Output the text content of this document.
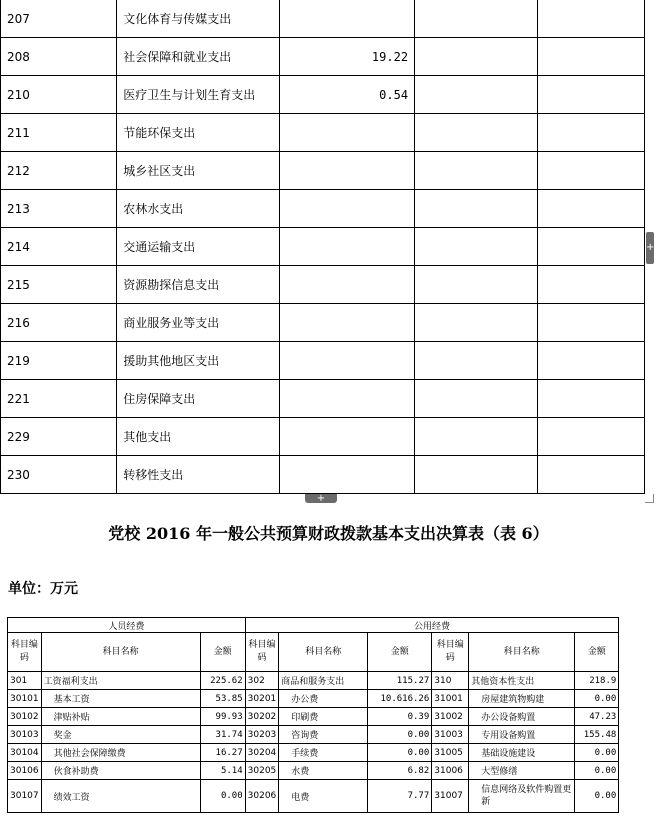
207	文化体育与传媒支出			
208	社会保障和就业支出	19.22		
210	医疗卫生与计划生育支出	0.54		
211	节能环保支出			
212	城乡社区支出			
213	农林水支出			
214	交通运输支出			
215	资源勘探信息支出			
216	商业服务业等支出			
219	援助其他地区支出			
221	住房保障支出			
229	其他支出			
230	转移性支出			
+
+
党校 2016 年一般公共预算财政拨款基本支出决算表（表 6）
单位：万元
人员经费			公用经费					
科目编码	科目名称	金额	科目编码	科目名称	金额	科目编码	科目名称	金额
301	工资福利支出	225.62	302	商品和服务支出	115.27	310	其他资本性支出	218.9
30101	基本工资	53.85	30201	办公费	10.616.26	31001	房屋建筑物购建	0.00
30102	津贴补贴	99.93	30202	印刷费	0.39	31002	办公设备购置	47.23
30103	奖金	31.74	30203	咨询费	0.00	31003	专用设备购置	155.48
30104	其他社会保障缴费	16.27	30204	手续费	0.00	31005	基础设施建设	0.00
30106	伙食补助费	5.14	30205	水费	6.82	31006	大型修缮	0.00
30107	绩效工资	0.00	30206	电费	7.77	31007	信息网络及软件购置更新	0.00
